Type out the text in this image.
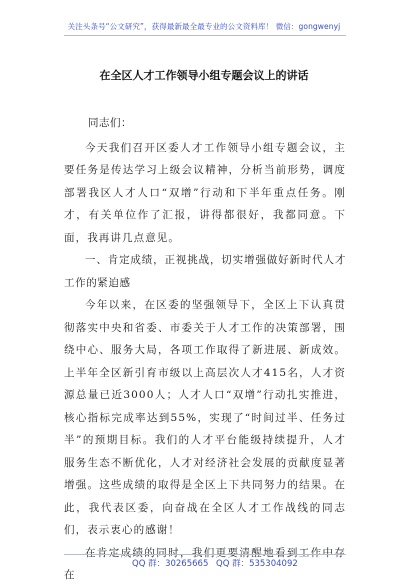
关注头条号“公文研究”，获得最新最全最专业的公文资料库！ 微信：gongwenyj
在全区人才工作领导小组专题会议上的讲话

同志们：

今天我们召开区委人才工作领导小组专题会议，主要任务是传达学习上级会议精神，分析当前形势，调度部署我区人才人口“双增”行动和下半年重点任务。刚才，有关单位作了汇报，讲得都很好，我都同意。下面，我再讲几点意见。

一、肯定成绩，正视挑战，切实增强做好新时代人才工作的紧迫感

今年以来，在区委的坚强领导下，全区上下认真贯彻落实中央和省委、市委关于人才工作的决策部署，围绕中心、服务大局，各项工作取得了新进展、新成效。上半年全区新引育市级以上高层次人才415名，人才资源总量已近3000人；人才人口“双增”行动扎实推进，核心指标完成率达到55%，实现了“时间过半、任务过半”的预期目标。我们的人才平台能级持续提升，人才服务生态不断优化，人才对经济社会发展的贡献度显著增强。这些成绩的取得是全区上下共同努力的结果。在此，我代表区委，向奋战在全区人才工作战线的同志们，表示衷心的感谢！

在肯定成绩的同时，我们更要清醒地看到工作中存在

QQ 群：30265665 QQ 群：535304092
